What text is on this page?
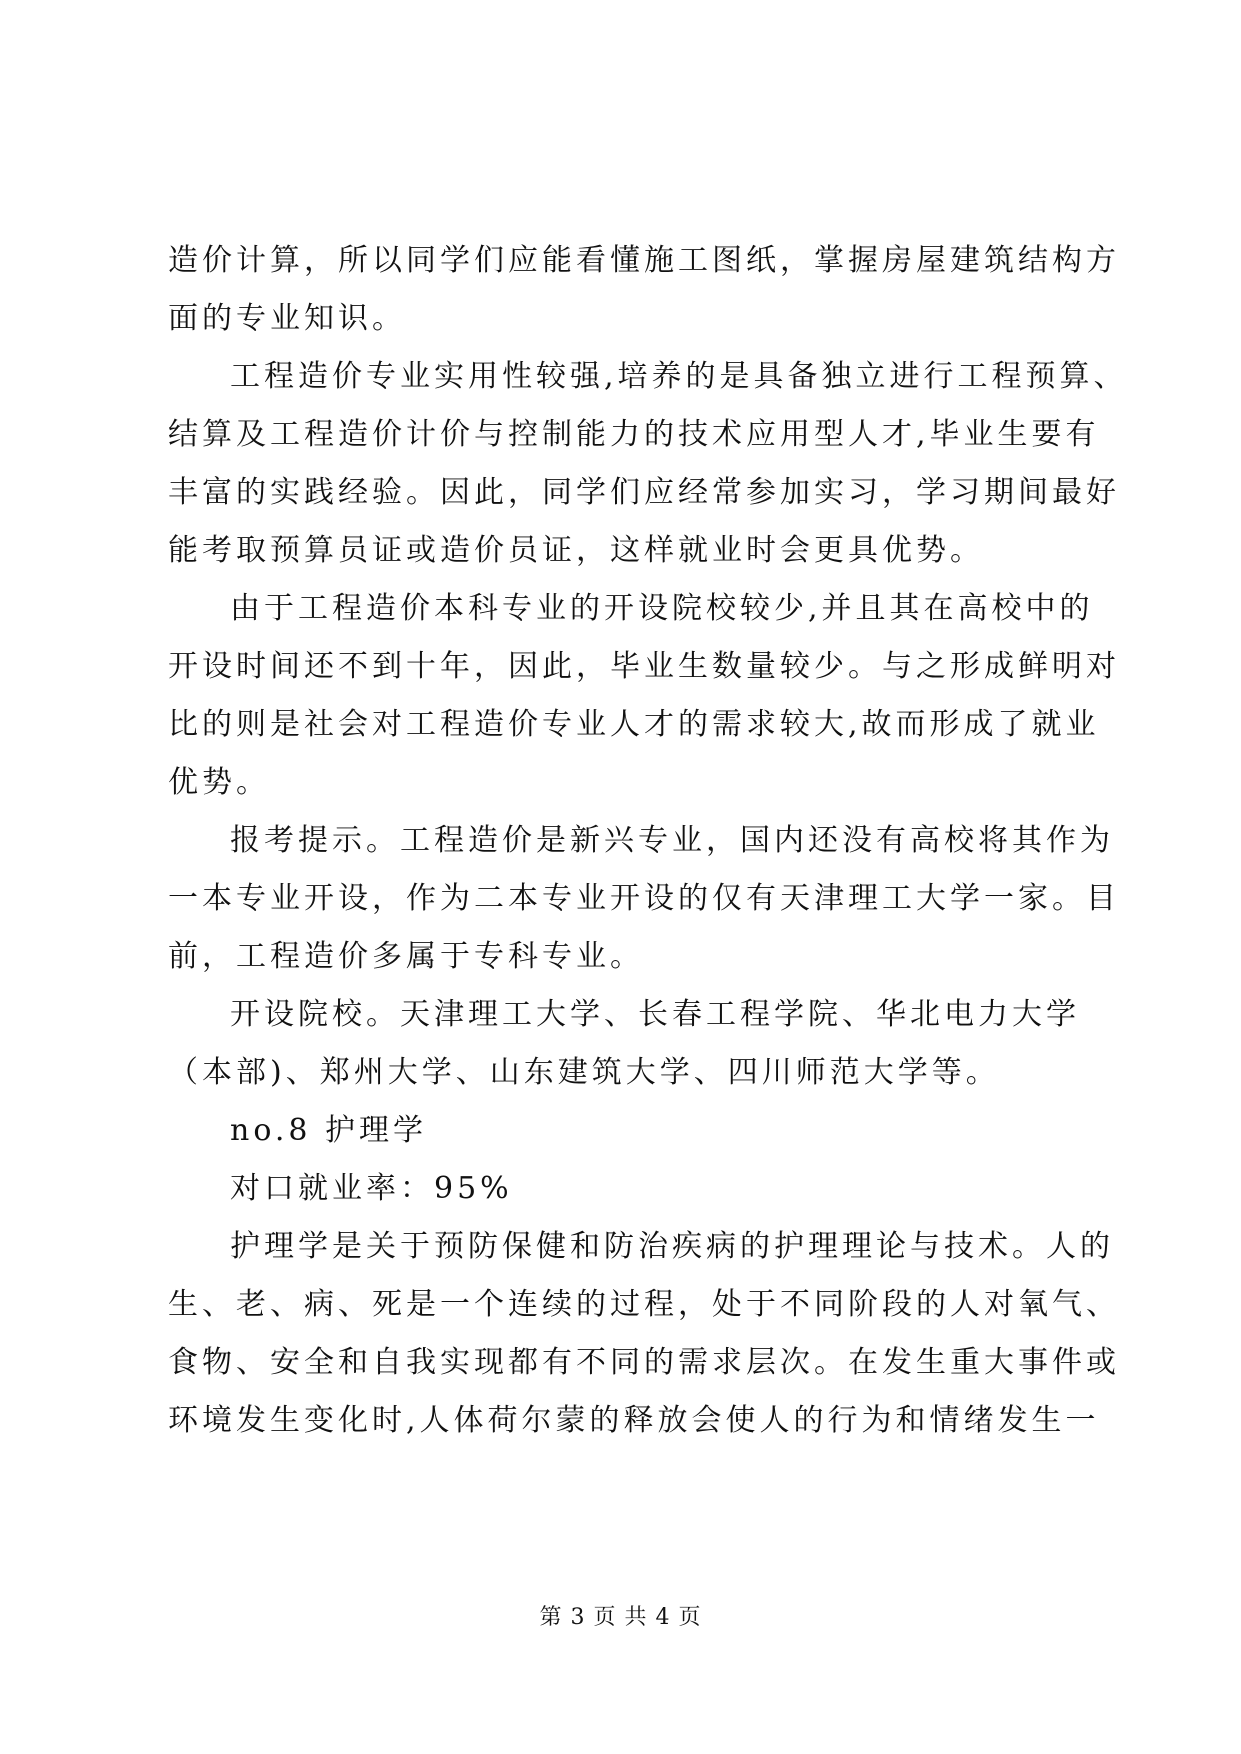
造价计算，所以同学们应能看懂施工图纸，掌握房屋建筑结构方
面的专业知识。
工程造价专业实用性较强,培养的是具备独立进行工程预算、
结算及工程造价计价与控制能力的技术应用型人才,毕业生要有
丰富的实践经验。因此，同学们应经常参加实习，学习期间最好
能考取预算员证或造价员证，这样就业时会更具优势。
由于工程造价本科专业的开设院校较少,并且其在高校中的
开设时间还不到十年，因此，毕业生数量较少。与之形成鲜明对
比的则是社会对工程造价专业人才的需求较大,故而形成了就业
优势。
报考提示。工程造价是新兴专业，国内还没有高校将其作为
一本专业开设，作为二本专业开设的仅有天津理工大学一家。目
前，工程造价多属于专科专业。
开设院校。天津理工大学、长春工程学院、华北电力大学
（本部)、郑州大学、山东建筑大学、四川师范大学等。
no.8 护理学
对口就业率：95%
护理学是关于预防保健和防治疾病的护理理论与技术。人的
生、老、病、死是一个连续的过程，处于不同阶段的人对氧气、
食物、安全和自我实现都有不同的需求层次。在发生重大事件或
环境发生变化时,人体荷尔蒙的释放会使人的行为和情绪发生一
第 3 页 共 4 页
